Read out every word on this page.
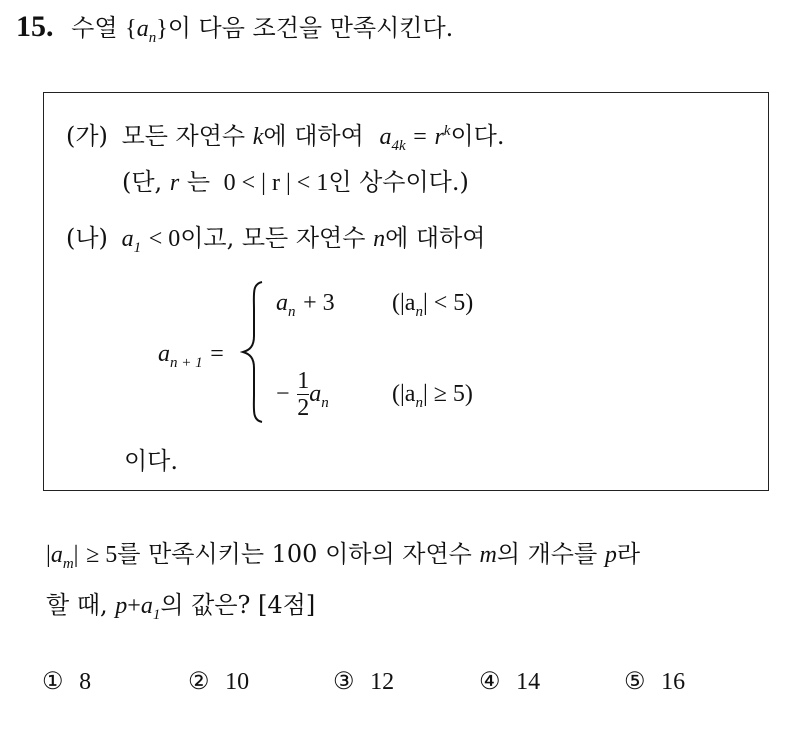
15. 수열 $\{a_n\}$이 다음 조건을 만족시킨다.
(가) 모든 자연수 k에 대하여 $a_{4k} = r^k$이다.
(단, r 는 0 < | r | < 1인 상수이다.)
(나) $a_1 < 0$이고, 모든 자연수 n에 대하여
$a_{n + 1}$ =
$a_n + 3$ $(|a_n| < 5)$
− $\frac{1}{2} a_n$	$(|a_n| \ge 5)$
이다.
$|a_m| \ge 5$를 만족시키는 100 이하의 자연수 m의 개수를 p라
할 때, $p+a_1$의 값은? [4점]
① 8	② 10	③ 12	④ 14	⑤ 16
